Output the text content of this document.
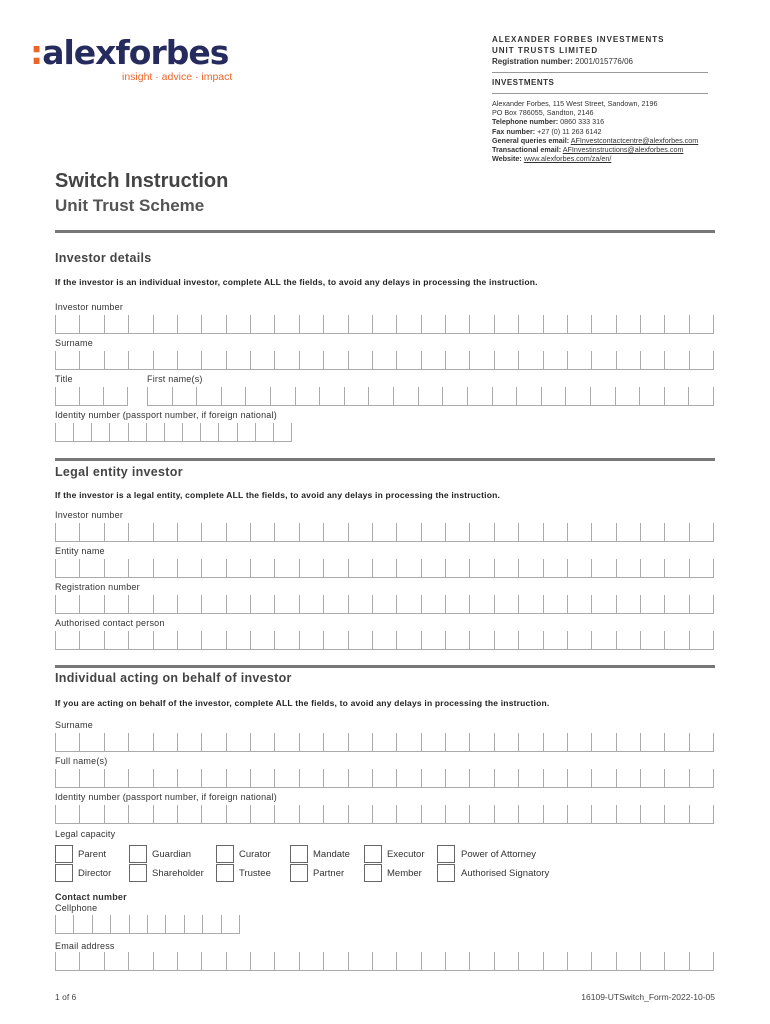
:alexforbes
insight · advice · impact
ALEXANDER FORBES INVESTMENTS
UNIT TRUSTS LIMITED
Registration number: 2001/015776/06
INVESTMENTS
Alexander Forbes, 115 West Street, Sandown, 2196
PO Box 786055, Sandton, 2146
Telephone number: 0860 333 316
Fax number: +27 (0) 11 263 6142
General queries email: AFInvestcontactcentre@alexforbes.com
Transactional email: AFInvestinstructions@alexforbes.com
Website: www.alexforbes.com/za/en/
Switch Instruction
Unit Trust Scheme
Investor details
If the investor is an individual investor, complete ALL the fields, to avoid any delays in processing the instruction.
Investor number
Surname
Title	First name(s)
Identity number (passport number, if foreign national)
Legal entity investor
If the investor is a legal entity, complete ALL the fields, to avoid any delays in processing the instruction.
Investor number
Entity name
Registration number
Authorised contact person
Individual acting on behalf of investor
If you are acting on behalf of the investor, complete ALL the fields, to avoid any delays in processing the instruction.
Surname
Full name(s)
Identity number (passport number, if foreign national)
Legal capacity
Parent	Guardian	Curator	Mandate	Executor	Power of Attorney
Director	Shareholder	Trustee	Partner	Member	Authorised Signatory
Contact number
Cellphone
Email address
1 of 6	16109-UTSwitch_Form-2022-10-05
